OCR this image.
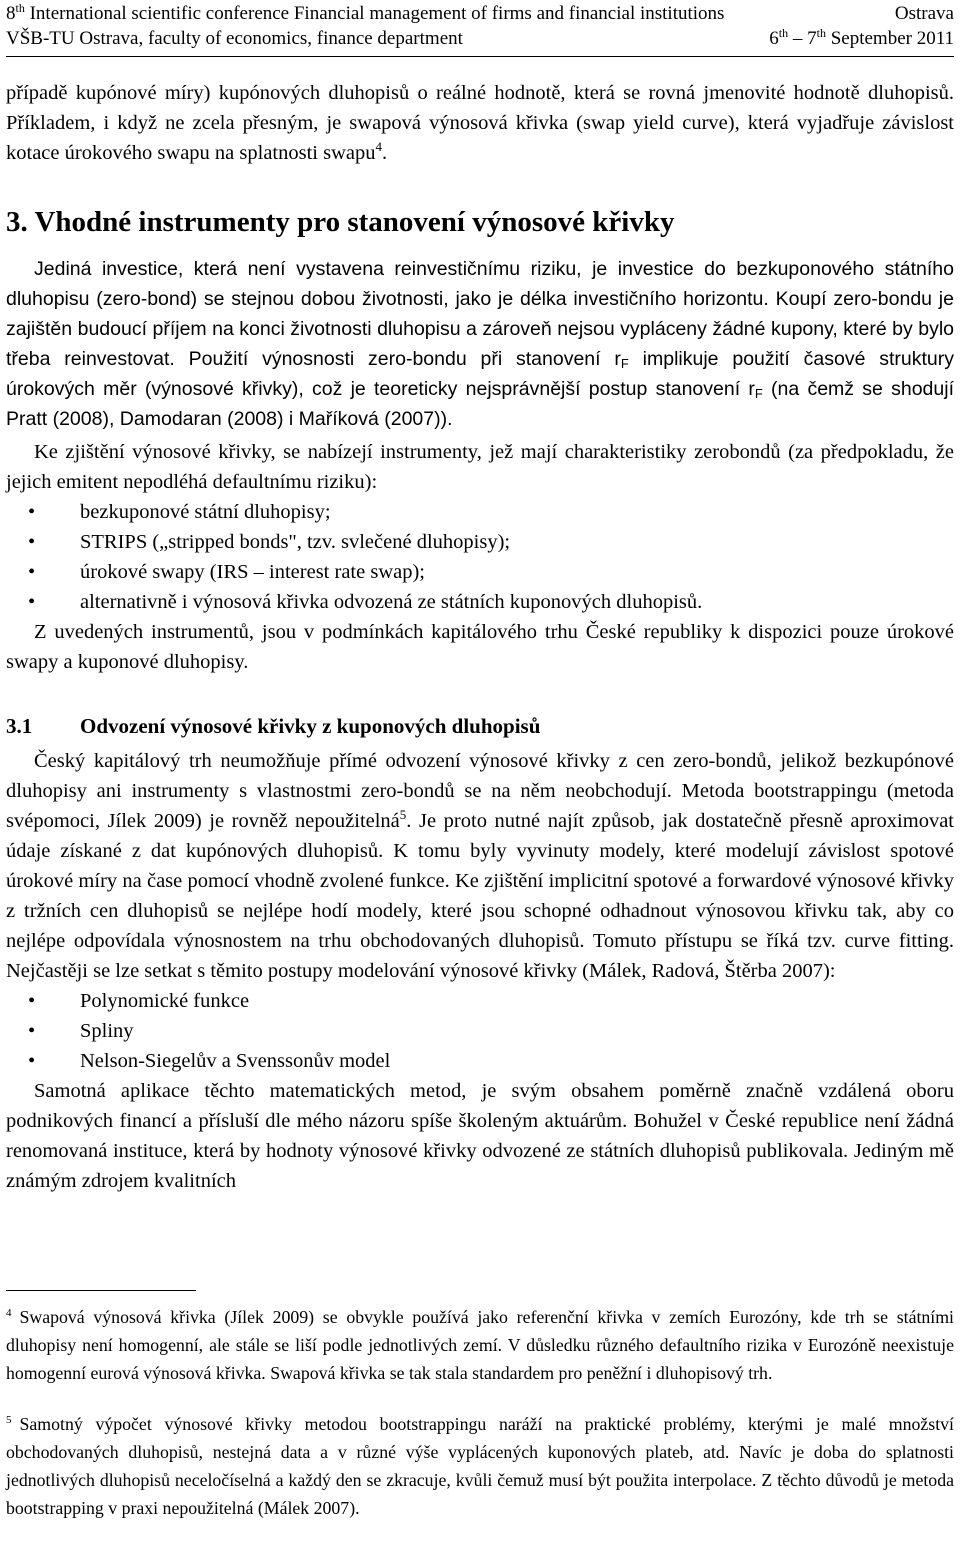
8th International scientific conference Financial management of firms and financial institutions	Ostrava
VŠB-TU Ostrava, faculty of economics, finance department	6th – 7th September 2011

případě kupónové míry) kupónových dluhopisů o reálné hodnotě, která se rovná jmenovité hodnotě dluhopisů. Příkladem, i když ne zcela přesným, je swapová výnosová křivka (swap yield curve), která vyjadřuje závislost kotace úrokového swapu na splatnosti swapu$^4$.

3. Vhodné instrumenty pro stanovení výnosové křivky

Jediná investice, která není vystavena reinvestičnímu riziku, je investice do bezkuponového státního dluhopisu (zero-bond) se stejnou dobou životnosti, jako je délka investičního horizontu. Koupí zero-bondu je zajištěn budoucí příjem na konci životnosti dluhopisu a zároveň nejsou vypláceny žádné kupony, které by bylo třeba reinvestovat. Použití výnosnosti zero-bondu při stanovení $r_F$ implikuje použití časové struktury úrokových měr (výnosové křivky), což je teoreticky nejsprávnější postup stanovení $r_F$ (na čemž se shodují Pratt (2008), Damodaran (2008) i Maříková (2007)).

Ke zjištění výnosové křivky, se nabízejí instrumenty, jež mají charakteristiky zerobondů (za předpokladu, že jejich emitent nepodléhá defaultnímu riziku):

• bezkuponové státní dluhopisy;
• STRIPS („stripped bonds", tzv. svlečené dluhopisy);
• úrokové swapy (IRS – interest rate swap);
• alternativně i výnosová křivka odvozená ze státních kuponových dluhopisů.

Z uvedených instrumentů, jsou v podmínkách kapitálového trhu České republiky k dispozici pouze úrokové swapy a kuponové dluhopisy.

3.1 Odvození výnosové křivky z kuponových dluhopisů

Český kapitálový trh neumožňuje přímé odvození výnosové křivky z cen zero-bondů, jelikož bezkupónové dluhopisy ani instrumenty s vlastnostmi zero-bondů se na něm neobchodují. Metoda bootstrappingu (metoda svépomoci, Jílek 2009) je rovněž nepoužitelná$^5$. Je proto nutné najít způsob, jak dostatečně přesně aproximovat údaje získané z dat kupónových dluhopisů. K tomu byly vyvinuty modely, které modelují závislost spotové úrokové míry na čase pomocí vhodně zvolené funkce. Ke zjištění implicitní spotové a forwardové výnosové křivky z tržních cen dluhopisů se nejlépe hodí modely, které jsou schopné odhadnout výnosovou křivku tak, aby co nejlépe odpovídala výnosnostem na trhu obchodovaných dluhopisů. Tomuto přístupu se říká tzv. curve fitting. Nejčastěji se lze setkat s těmito postupy modelování výnosové křivky (Málek, Radová, Štěrba 2007):

• Polynomické funkce
• Spliny
• Nelson-Siegelův a Svenssonův model

Samotná aplikace těchto matematických metod, je svým obsahem poměrně značně vzdálená oboru podnikových financí a přísluší dle mého názoru spíše školeným aktuárům. Bohužel v České republice není žádná renomovaná instituce, která by hodnoty výnosové křivky odvozené ze státních dluhopisů publikovala. Jediným mě známým zdrojem kvalitních

$^4$ Swapová výnosová křivka (Jílek 2009) se obvykle používá jako referenční křivka v zemích Eurozóny, kde trh se státními dluhopisy není homogenní, ale stále se liší podle jednotlivých zemí. V důsledku různého defaultního rizika v Eurozóně neexistuje homogenní eurová výnosová křivka. Swapová křivka se tak stala standardem pro peněžní i dluhopisový trh.

$^5$ Samotný výpočet výnosové křivky metodou bootstrappingu naráží na praktické problémy, kterými je malé množství obchodovaných dluhopisů, nestejná data a v různé výše vyplácených kuponových plateb, atd. Navíc je doba do splatnosti jednotlivých dluhopisů neceločíselná a každý den se zkracuje, kvůli čemuž musí být použita interpolace. Z těchto důvodů je metoda bootstrapping v praxi nepoužitelná (Málek 2007).
